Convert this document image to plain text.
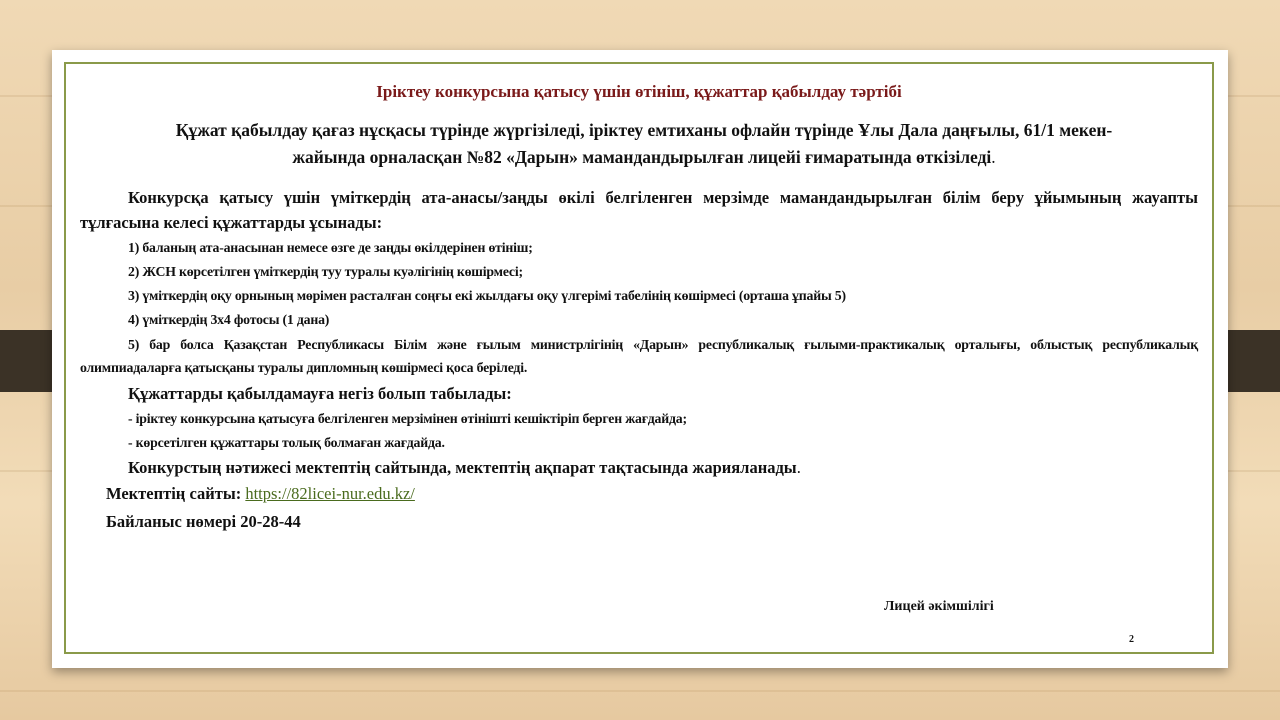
Іріктеу конкурсына қатысу үшін өтініш, құжаттар қабылдау тәртібі
Құжат қабылдау қағаз нұсқасы түрінде жүргізіледі, іріктеу емтиханы офлайн түрінде Ұлы Дала даңғылы, 61/1 мекен-
жайында орналасқан №82 «Дарын» мамандандырылған лицейі ғимаратында өткізіледі.
Конкурсқа қатысу үшін үміткердің ата-анасы/заңды өкілі белгіленген мерзімде мамандандырылған білім беру ұйымының жауапты тұлғасына келесі құжаттарды ұсынады:
1) баланың ата-анасынан немесе өзге де заңды өкілдерінен өтініш;
2) ЖСН көрсетілген үміткердің туу туралы куәлігінің көшірмесі;
3) үміткердің оқу орнының мөрімен расталған соңғы екі жылдағы оқу үлгерімі табелінің көшірмесі (орташа ұпайы 5)
4) үміткердің 3х4 фотосы (1 дана)
5) бар болса Қазақстан Республикасы Білім және ғылым министрлігінің «Дарын» республикалық ғылыми-практикалық орталығы, облыстық республикалық олимпиадаларға қатысқаны туралы дипломның көшірмесі қоса беріледі.
Құжаттарды қабылдамауға негіз болып табылады:
- іріктеу конкурсына қатысуға белгіленген мерзімінен өтінішті кешіктіріп берген жағдайда;
- көрсетілген құжаттары толық болмаған жағдайда.
Конкурстың нәтижесі мектептің сайтында, мектептің ақпарат тақтасында жарияланады.
Мектептің сайты: https://82licei-nur.edu.kz/
Байланыс нөмері 20-28-44
Лицей әкімшілігі
2
